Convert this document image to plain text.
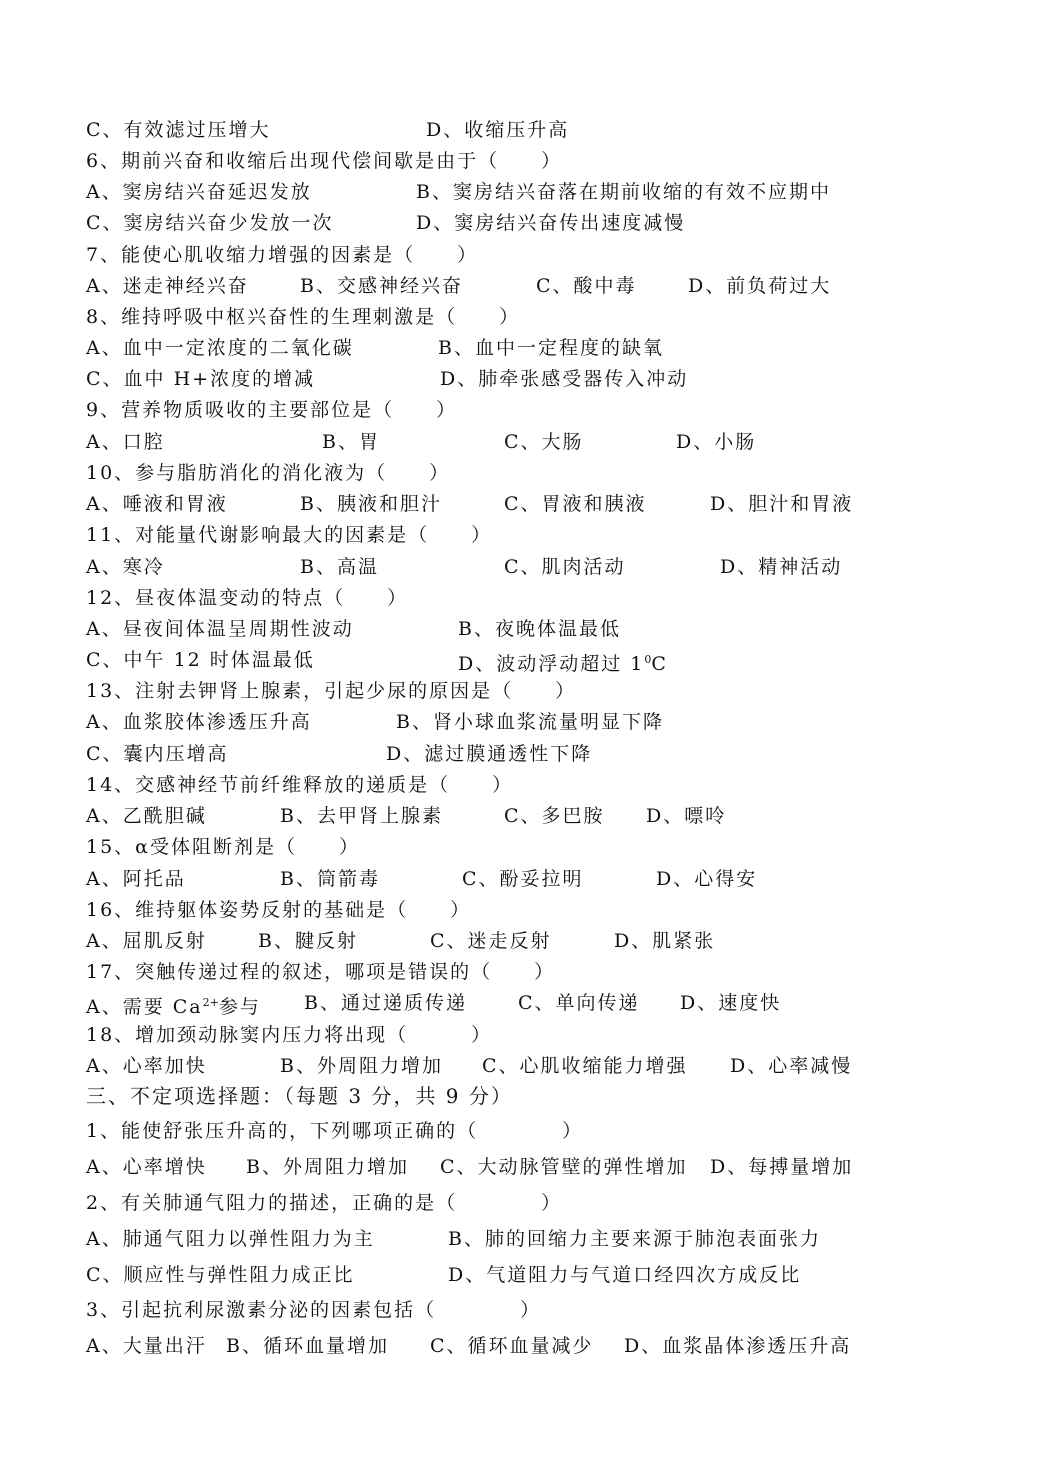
C、有效滤过压增大	D、收缩压升高
6、期前兴奋和收缩后出现代偿间歇是由于（　　）
A、窦房结兴奋延迟发放	B、窦房结兴奋落在期前收缩的有效不应期中
C、窦房结兴奋少发放一次	D、窦房结兴奋传出速度减慢
7、能使心肌收缩力增强的因素是（　　）
A、迷走神经兴奋	B、交感神经兴奋	C、酸中毒	D、前负荷过大
8、维持呼吸中枢兴奋性的生理刺激是（　　）
A、血中一定浓度的二氧化碳	B、血中一定程度的缺氧
C、血中 H+浓度的增减	D、肺牵张感受器传入冲动
9、营养物质吸收的主要部位是（　　）
A、口腔	B、胃	C、大肠	D、小肠
10、参与脂肪消化的消化液为（　　）
A、唾液和胃液	B、胰液和胆汁	C、胃液和胰液	D、胆汁和胃液
11、对能量代谢影响最大的因素是（　　）
A、寒冷	B、高温	C、肌肉活动	D、精神活动
12、昼夜体温变动的特点（　　）
A、昼夜间体温呈周期性波动	B、夜晚体温最低
C、中午 12 时体温最低	D、波动浮动超过 $1^0C$
13、注射去钾肾上腺素，引起少尿的原因是（　　）
A、血浆胶体渗透压升高	B、肾小球血浆流量明显下降
C、囊内压增高	D、滤过膜通透性下降
14、交感神经节前纤维释放的递质是（　　）
A、乙酰胆碱	B、去甲肾上腺素	C、多巴胺 D、嘌呤
15、α受体阻断剂是（　　）
A、阿托品	B、筒箭毒	C、酚妥拉明	D、心得安
16、维持躯体姿势反射的基础是（　　）
A、屈肌反射	B、腱反射	C、迷走反射	D、肌紧张
17、突触传递过程的叙述，哪项是错误的（　　）
A、需要 $Ca^{2+}$参与 B、通过递质传递	C、单向传递 D、速度快
18、增加颈动脉窦内压力将出现（　　　）
A、心率加快	B、外周阻力增加 C、心肌收缩能力增强 D、心率减慢
三、不定项选择题：（每题 3 分，共 9 分）
1、能使舒张压升高的，下列哪项正确的（　　　　）
A、心率增快 B、外周阻力增加 C、大动脉管壁的弹性增加 D、每搏量增加
2、有关肺通气阻力的描述，正确的是（　　　　）
A、肺通气阻力以弹性阻力为主	B、肺的回缩力主要来源于肺泡表面张力
C、顺应性与弹性阻力成正比	D、气道阻力与气道口经四次方成反比
3、引起抗利尿激素分泌的因素包括（　　　　）
A、大量出汗 B、循环血量增加 C、循环血量减少 D、血浆晶体渗透压升高
